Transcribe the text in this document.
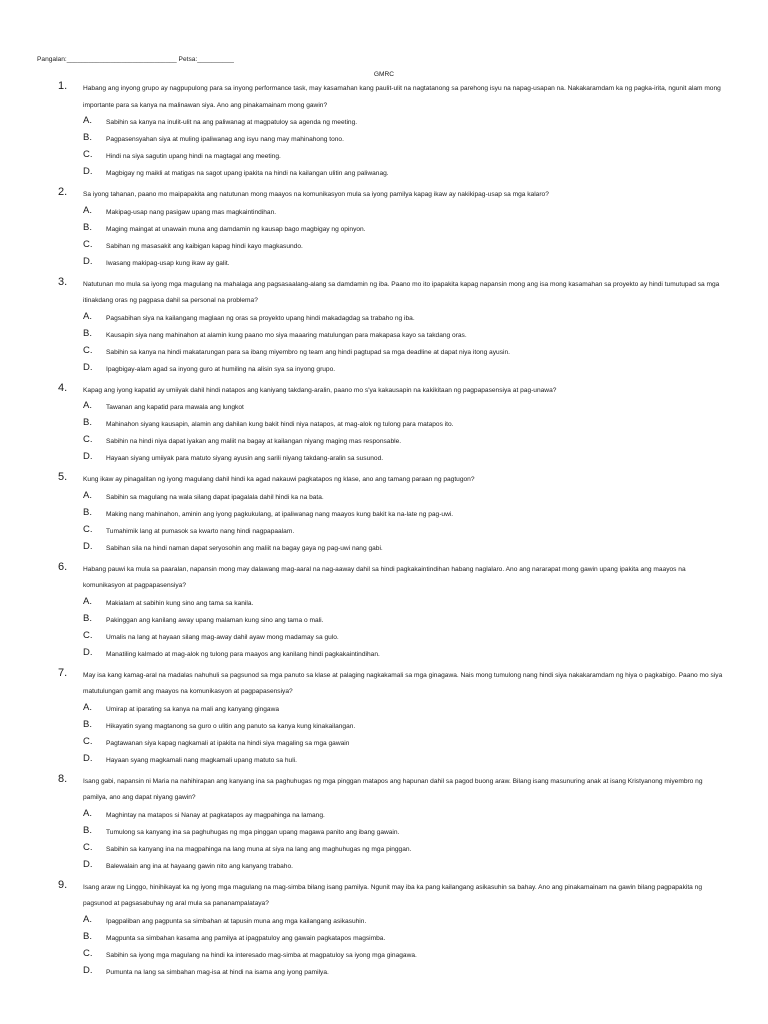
Pangalan:______________________________ Petsa:__________
GMRC
1. Habang ang inyong grupo ay nagpupulong para sa inyong performance task, may kasamahan kang paulit-ulit na nagtatanong sa parehong isyu na napag-usapan na. Nakakaramdam ka ng pagka-irita, ngunit alam mong importante para sa kanya na malinawan siya. Ano ang pinakamainam mong gawin?
A. Sabihin sa kanya na inulit-ulit na ang paliwanag at magpatuloy sa agenda ng meeting.
B. Pagpasensyahan siya at muling ipaliwanag ang isyu nang may mahinahong tono.
C. Hindi na siya sagutin upang hindi na magtagal ang meeting.
D. Magbigay ng maikli at matigas na sagot upang ipakita na hindi na kailangan ulitin ang paliwanag.
2. Sa iyong tahanan, paano mo maipapakita ang natutunan mong maayos na komunikasyon mula sa iyong pamilya kapag ikaw ay nakikipag-usap sa mga kalaro?
A. Makipag-usap nang pasigaw upang mas magkaintindihan.
B. Maging maingat at unawain muna ang damdamin ng kausap bago magbigay ng opinyon.
C. Sabihan ng masasakit ang kaibigan kapag hindi kayo magkasundo.
D. Iwasang makipag-usap kung ikaw ay galit.
3. Natutunan mo mula sa iyong mga magulang na mahalaga ang pagsasaalang-alang sa damdamin ng iba. Paano mo ito ipapakita kapag napansin mong ang isa mong kasamahan sa proyekto ay hindi tumutupad sa mga itinakdang oras ng pagpasa dahil sa personal na problema?
A. Pagsabihan siya na kailangang maglaan ng oras sa proyekto upang hindi makadagdag sa trabaho ng iba.
B. Kausapin siya nang mahinahon at alamin kung paano mo siya maaaring matulungan para makapasa kayo sa takdang oras.
C. Sabihin sa kanya na hindi makatarungan para sa ibang miyembro ng team ang hindi pagtupad sa mga deadline at dapat niya itong ayusin.
D. Ipagbigay-alam agad sa inyong guro at humiling na alisin sya sa inyong grupo.
4. Kapag ang iyong kapatid ay umiiyak dahil hindi natapos ang kaniyang takdang-aralin, paano mo s'ya kakausapin na kakikitaan ng pagpapasensiya at pag-unawa?
A. Tawanan ang kapatid para mawala ang lungkot
B. Mahinahon siyang kausapin, alamin ang dahilan kung bakit hindi niya natapos, at mag-alok ng tulong para matapos ito.
C. Sabihin na hindi niya dapat iyakan ang maliit na bagay at kailangan niyang maging mas responsable.
D. Hayaan siyang umiiyak para matuto siyang ayusin ang sarili niyang takdang-aralin sa susunod.
5. Kung ikaw ay pinagalitan ng iyong magulang dahil hindi ka agad nakauwi pagkatapos ng klase, ano ang tamang paraan ng pagtugon?
A. Sabihin sa magulang na wala silang dapat ipagalala dahil hindi ka na bata.
B. Making nang mahinahon, aminin ang iyong pagkukulang, at ipaliwanag nang maayos kung bakit ka na-late ng pag-uwi.
C. Tumahimik lang at pumasok sa kwarto nang hindi nagpapaalam.
D. Sabihan sila na hindi naman dapat seryosohin ang maliit na bagay gaya ng pag-uwi nang gabi.
6. Habang pauwi ka mula sa paaralan, napansin mong may dalawang mag-aaral na nag-aaway dahil sa hindi pagkakaintindihan habang naglalaro. Ano ang nararapat mong gawin upang ipakita ang maayos na komunikasyon at pagpapasensiya?
A. Makialam at sabihin kung sino ang tama sa kanila.
B. Pakinggan ang kanilang away upang malaman kung sino ang tama o mali.
C. Umalis na lang at hayaan silang mag-away dahil ayaw mong madamay sa gulo.
D. Manatiling kalmado at mag-alok ng tulong para maayos ang kanilang hindi pagkakaintindihan.
7. May isa kang kamag-aral na madalas nahuhuli sa pagsunod sa mga panuto sa klase at palaging nagkakamali sa mga ginagawa. Nais mong tumulong nang hindi siya nakakaramdam ng hiya o pagkabigo. Paano mo siya matutulungan gamit ang maayos na komunikasyon at pagpapasensiya?
A. Umirap at iparating sa kanya na mali ang kanyang gingawa
B. Hikayatin syang magtanong sa guro o ulitin ang panuto sa kanya kung kinakailangan.
C. Pagtawanan siya kapag nagkamali at ipakita na hindi siya magaling sa mga gawain
D. Hayaan syang magkamali nang magkamali upang matuto sa huli.
8. Isang gabi, napansin ni Maria na nahihirapan ang kanyang ina sa paghuhugas ng mga pinggan matapos ang hapunan dahil sa pagod buong araw. Bilang isang masunuring anak at isang Kristyanong miyembro ng pamilya, ano ang dapat niyang gawin?
A. Maghintay na matapos si Nanay at pagkatapos ay magpahinga na lamang.
B. Tumulong sa kanyang ina sa paghuhugas ng mga pinggan upang magawa panito ang ibang gawain.
C. Sabihin sa kanyang ina na magpahinga na lang muna at siya na lang ang maghuhugas ng mga pinggan.
D. Balewalain ang ina at hayaang gawin nito ang kanyang trabaho.
9. Isang araw ng Linggo, hinihikayat ka ng iyong mga magulang na mag-simba bilang isang pamilya. Ngunit may iba ka pang kailangang asikasuhin sa bahay. Ano ang pinakamainam na gawin bilang pagpapakita ng pagsunod at pagsasabuhay ng aral mula sa pananampalataya?
A. Ipagpaliban ang pagpunta sa simbahan at tapusin muna ang mga kailangang asikasuhin.
B. Magpunta sa simbahan kasama ang pamilya at ipagpatuloy ang gawain pagkatapos magsimba.
C. Sabihin sa iyong mga magulang na hindi ka interesado mag-simba at magpatuloy sa iyong mga ginagawa.
D. Pumunta na lang sa simbahan mag-isa at hindi na isama ang iyong pamilya.
